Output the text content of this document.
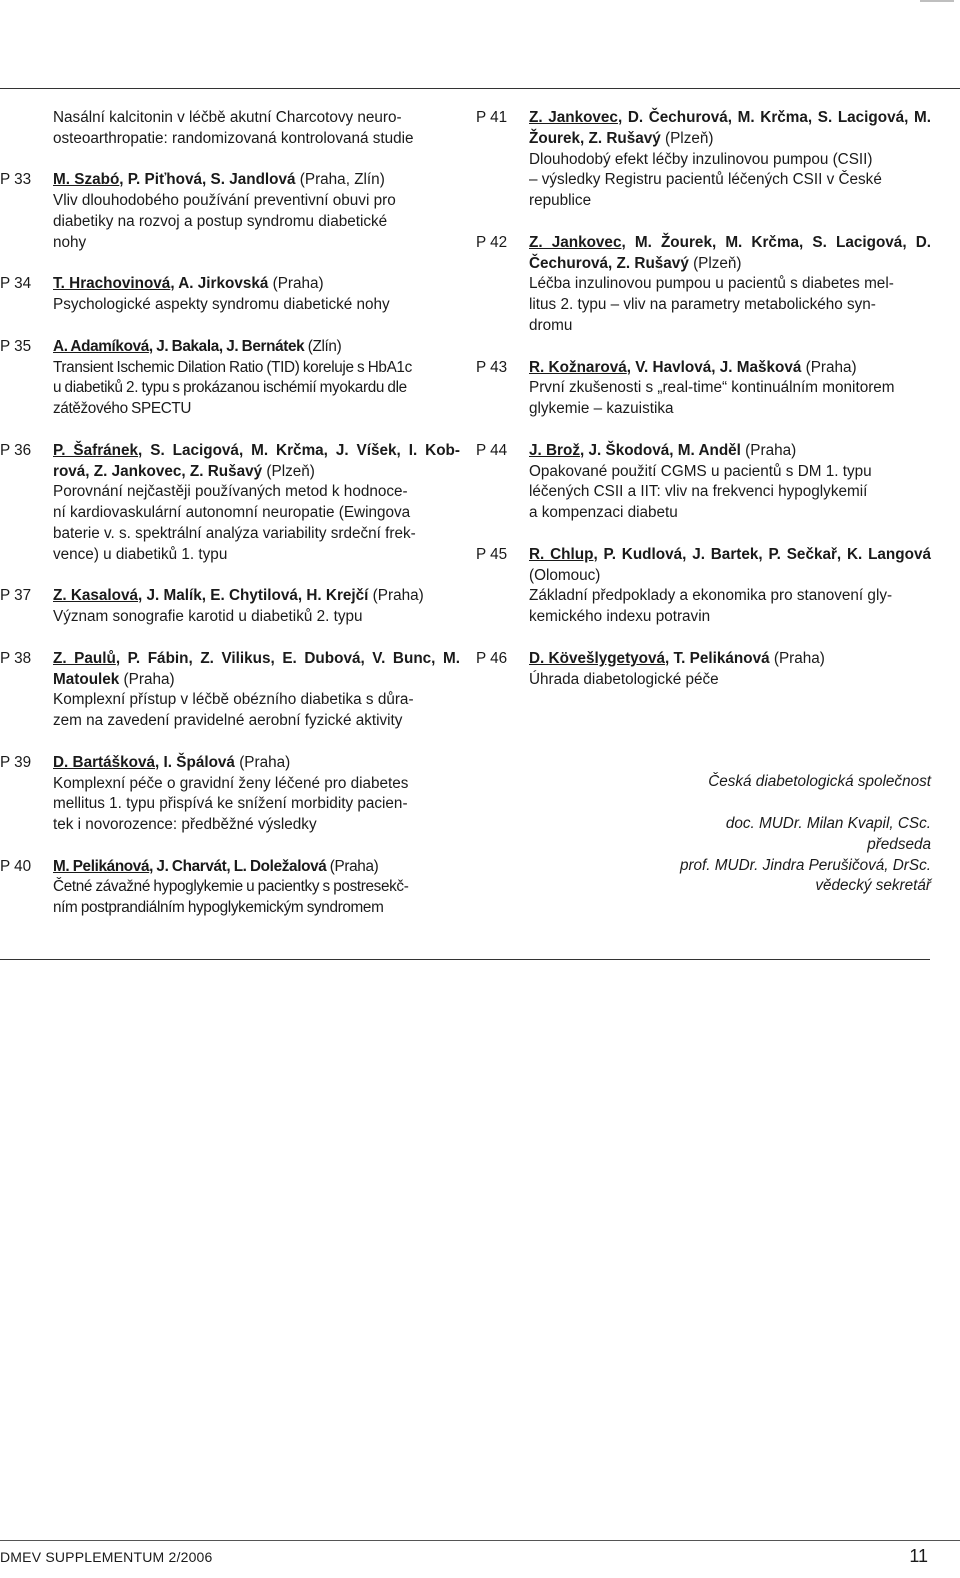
Nasální kalcitonin v léčbě akutní Charcotovy neuro-
osteoarthropatie: randomizovaná kontrolovaná studie
P 33	M. Szabó, P. Piťhová, S. Jandlová (Praha, Zlín)
Vliv dlouhodobého používání preventivní obuvi pro
diabetiky na rozvoj a postup syndromu diabetické
nohy
P 34	T. Hrachovinová, A. Jirkovská (Praha)
Psychologické aspekty syndromu diabetické nohy
P 35	A. Adamíková, J. Bakala, J. Bernátek (Zlín)
Transient Ischemic Dilation Ratio (TID) koreluje s HbA1c
u diabetiků 2. typu s prokázanou ischémií myokardu dle
zátěžového SPECTU
P 36	P. Šafránek, S. Lacigová, M. Krčma, J. Víšek, I. Kob-rová, Z. Jankovec, Z. Rušavý (Plzeň)
Porovnání nejčastěji používaných metod k hodnoce-
ní kardiovaskulární autonomní neuropatie (Ewingova
baterie v. s. spektrální analýza variability srdeční frek-
vence) u diabetiků 1. typu
P 37	Z. Kasalová, J. Malík, E. Chytilová, H. Krejčí (Praha)
Význam sonografie karotid u diabetiků 2. typu
P 38	Z. Paulů, P. Fábin, Z. Vilikus, E. Dubová, V. Bunc, M. Matoulek (Praha)
Komplexní přístup v léčbě obézního diabetika s důra-
zem na zavedení pravidelné aerobní fyzické aktivity
P 39	D. Bartášková, I. Špálová (Praha)
Komplexní péče o gravidní ženy léčené pro diabetes
mellitus 1. typu přispívá ke snížení morbidity pacien-
tek i novorozence: předběžné výsledky
P 40	M. Pelikánová, J. Charvát, L. Doležalová (Praha)
Četné závažné hypoglykemie u pacientky s postresekč-
ním postprandiálním hypoglykemickým syndromem
P 41	Z. Jankovec, D. Čechurová, M. Krčma, S. Lacigová, M. Žourek, Z. Rušavý (Plzeň)
Dlouhodobý efekt léčby inzulinovou pumpou (CSII)
– výsledky Registru pacientů léčených CSII v České
republice
P 42	Z. Jankovec, M. Žourek, M. Krčma, S. Lacigová, D. Čechurová, Z. Rušavý (Plzeň)
Léčba inzulinovou pumpou u pacientů s diabetes mel-
litus 2. typu – vliv na parametry metabolického syn-
dromu
P 43	R. Kožnarová, V. Havlová, J. Mašková (Praha)
První zkušenosti s „real-time“ kontinuálním monitorem
glykemie – kazuistika
P 44	J. Brož, J. Škodová, M. Anděl (Praha)
Opakované použití CGMS u pacientů s DM 1. typu
léčených CSII a IIT: vliv na frekvenci hypoglykemií
a kompenzaci diabetu
P 45	R. Chlup, P. Kudlová, J. Bartek, P. Sečkař, K. Langová (Olomouc)
Základní předpoklady a ekonomika pro stanovení gly-
kemického indexu potravin
P 46	D. Kövešlygetyová, T. Pelikánová (Praha)
Úhrada diabetologické péče
Česká diabetologická společnost
doc. MUDr. Milan Kvapil, CSc.
předseda
prof. MUDr. Jindra Perušičová, DrSc.
vědecký sekretář
DMEV SUPPLEMENTUM 2/2006	11
